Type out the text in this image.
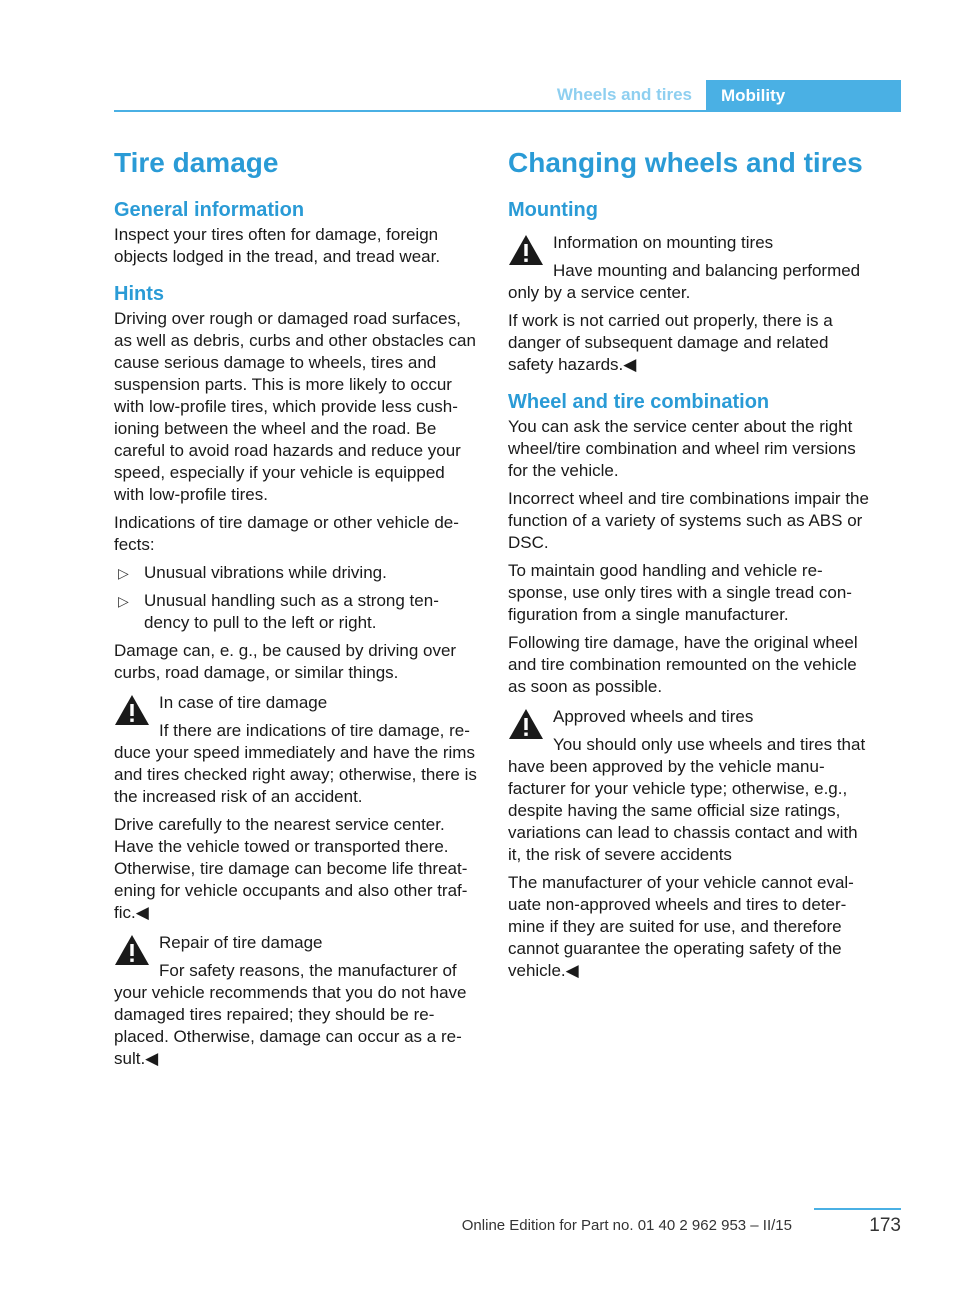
Wheels and tires	Mobility
Tire damage
General information

Inspect your tires often for damage, foreign objects lodged in the tread, and tread wear.

Hints

Driving over rough or damaged road surfaces, as well as debris, curbs and other obstacles can cause serious damage to wheels, tires and suspension parts. This is more likely to occur with low-profile tires, which provide less cush-ioning between the wheel and the road. Be careful to avoid road hazards and reduce your speed, especially if your vehicle is equipped with low-profile tires.

Indications of tire damage or other vehicle de-fects:

▷ Unusual vibrations while driving.
▷ Unusual handling such as a strong ten-dency to pull to the left or right.

Damage can, e. g., be caused by driving over curbs, road damage, or similar things.

In case of tire damage

If there are indications of tire damage, re-duce your speed immediately and have the rims and tires checked right away; otherwise, there is the increased risk of an accident.

Drive carefully to the nearest service center. Have the vehicle towed or transported there. Otherwise, tire damage can become life threat-ening for vehicle occupants and also other traf-fic.◀

Repair of tire damage

For safety reasons, the manufacturer of your vehicle recommends that you do not have damaged tires repaired; they should be re-placed. Otherwise, damage can occur as a re-sult.◀

Changing wheels and tires
Mounting
Information on mounting tires

Have mounting and balancing performed only by a service center.

If work is not carried out properly, there is a danger of subsequent damage and related safety hazards.◀

Wheel and tire combination

You can ask the service center about the right wheel/tire combination and wheel rim versions for the vehicle.

Incorrect wheel and tire combinations impair the function of a variety of systems such as ABS or DSC.

To maintain good handling and vehicle re-sponse, use only tires with a single tread con-figuration from a single manufacturer.

Following tire damage, have the original wheel and tire combination remounted on the vehicle as soon as possible.

Approved wheels and tires

You should only use wheels and tires that have been approved by the vehicle manu-facturer for your vehicle type; otherwise, e.g., despite having the same official size ratings, variations can lead to chassis contact and with it, the risk of severe accidents

The manufacturer of your vehicle cannot eval-uate non-approved wheels and tires to deter-mine if they are suited for use, and therefore cannot guarantee the operating safety of the vehicle.◀

Online Edition for Part no. 01 40 2 962 953 – II/15	173
